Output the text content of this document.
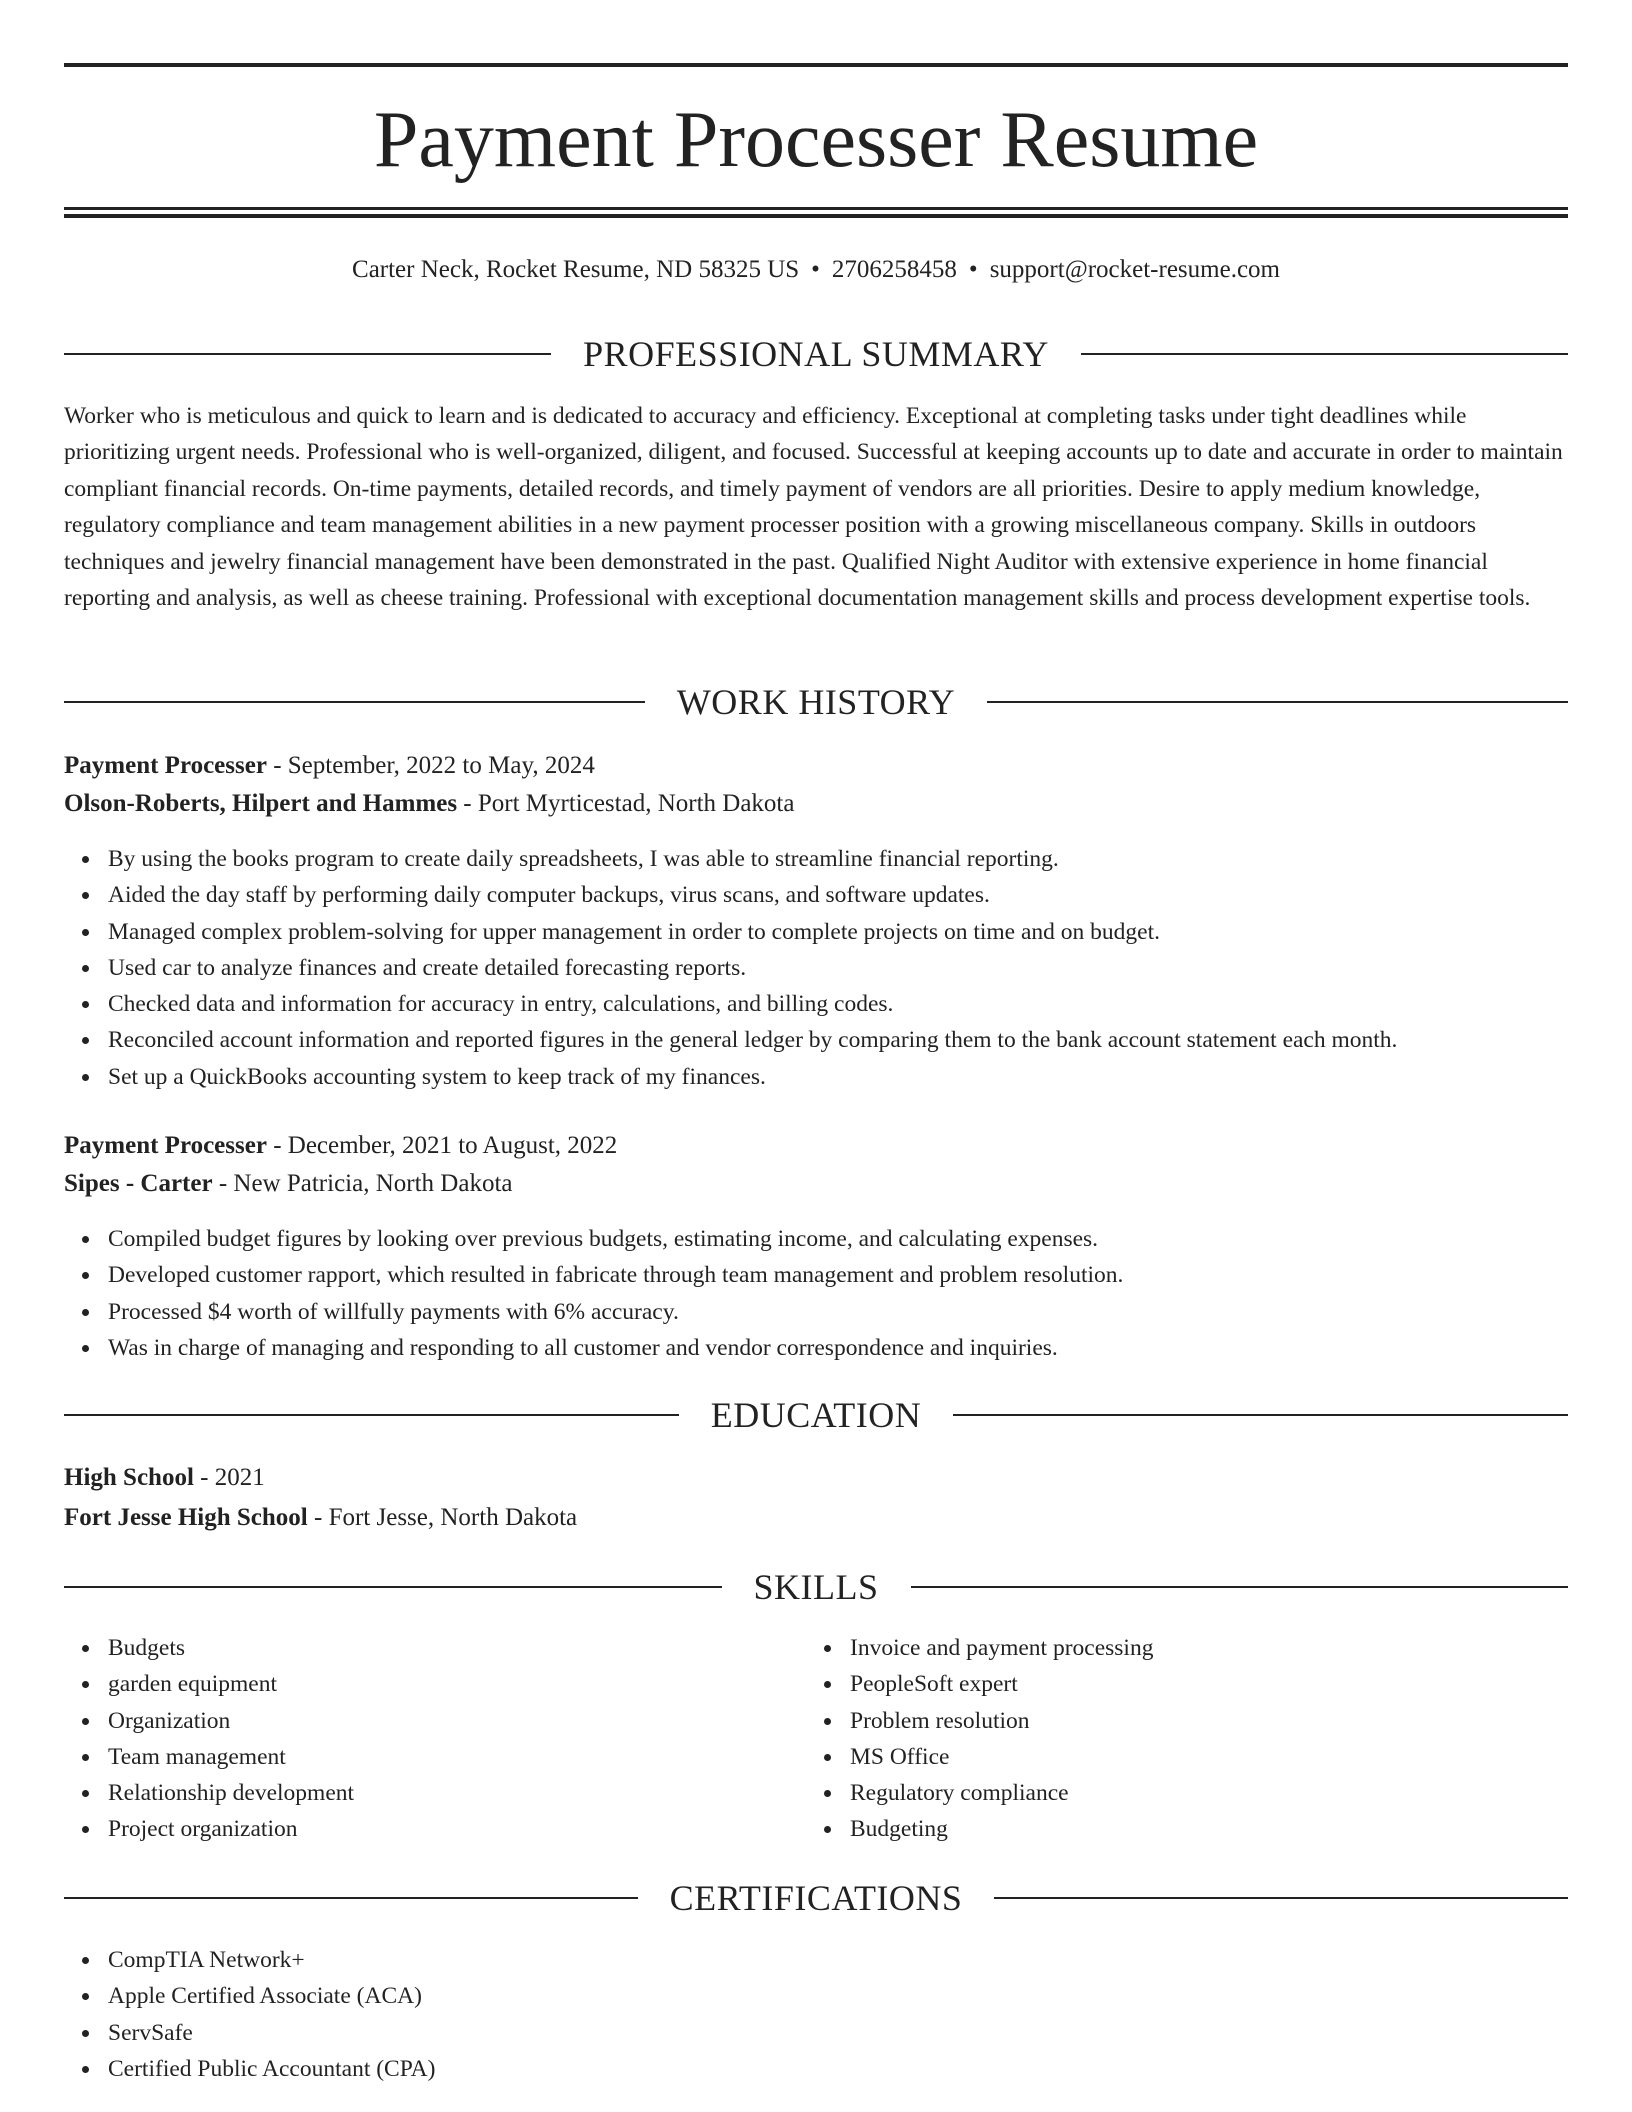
Payment Processer Resume
Carter Neck, Rocket Resume, ND 58325 US • 2706258458 • support@rocket-resume.com
PROFESSIONAL SUMMARY

Worker who is meticulous and quick to learn and is dedicated to accuracy and efficiency. Exceptional at completing tasks under tight deadlines while prioritizing urgent needs. Professional who is well-organized, diligent, and focused. Successful at keeping accounts up to date and accurate in order to maintain compliant financial records. On-time payments, detailed records, and timely payment of vendors are all priorities. Desire to apply medium knowledge, regulatory compliance and team management abilities in a new payment processer position with a growing miscellaneous company. Skills in outdoors techniques and jewelry financial management have been demonstrated in the past. Qualified Night Auditor with extensive experience in home financial reporting and analysis, as well as cheese training. Professional with exceptional documentation management skills and process development expertise tools.

WORK HISTORY
Payment Processer - September, 2022 to May, 2024
Olson-Roberts, Hilpert and Hammes - Port Myrticestad, North Dakota
By using the books program to create daily spreadsheets, I was able to streamline financial reporting.
Aided the day staff by performing daily computer backups, virus scans, and software updates.
Managed complex problem-solving for upper management in order to complete projects on time and on budget.
Used car to analyze finances and create detailed forecasting reports.
Checked data and information for accuracy in entry, calculations, and billing codes.
Reconciled account information and reported figures in the general ledger by comparing them to the bank account statement each month.
Set up a QuickBooks accounting system to keep track of my finances.
Payment Processer - December, 2021 to August, 2022
Sipes - Carter - New Patricia, North Dakota
Compiled budget figures by looking over previous budgets, estimating income, and calculating expenses.
Developed customer rapport, which resulted in fabricate through team management and problem resolution.
Processed $4 worth of willfully payments with 6% accuracy.
Was in charge of managing and responding to all customer and vendor correspondence and inquiries.
EDUCATION
High School - 2021
Fort Jesse High School - Fort Jesse, North Dakota
SKILLS
Budgets
garden equipment
Organization
Team management
Relationship development
Project organization
Invoice and payment processing
PeopleSoft expert
Problem resolution
MS Office
Regulatory compliance
Budgeting
CERTIFICATIONS
CompTIA Network+
Apple Certified Associate (ACA)
ServSafe
Certified Public Accountant (CPA)
